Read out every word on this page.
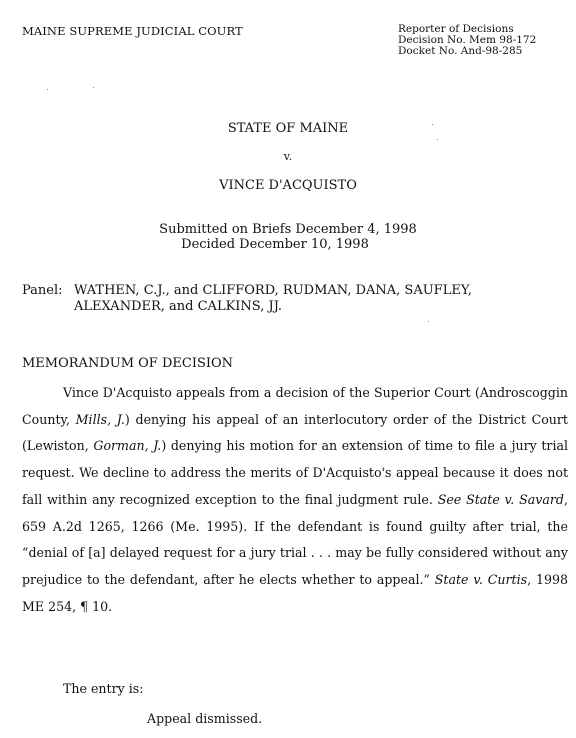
MAINE SUPREME JUDICIAL COURT	Reporter of Decisions
Decision No. Mem 98-172
Docket No. And-98-285
STATE OF MAINE
v.
VINCE D'ACQUISTO
Submitted on Briefs December 4, 1998
Decided December 10, 1998
Panel: WATHEN, C.J., and CLIFFORD, RUDMAN, DANA, SAUFLEY,
ALEXANDER, and CALKINS, JJ.
MEMORANDUM OF DECISION

Vince D'Acquisto appeals from a decision of the Superior Court (Androscoggin County, Mills, J.) denying his appeal of an interlocutory order of the District Court (Lewiston, Gorman, J.) denying his motion for an extension of time to file a jury trial request. We decline to address the merits of D'Acquisto's appeal because it does not fall within any recognized exception to the final judgment rule. See State v. Savard, 659 A.2d 1265, 1266 (Me. 1995). If the defendant is found guilty after trial, the “denial of [a] delayed request for a jury trial . . . may be fully considered without any prejudice to the defendant, after he elects whether to appeal.” State v. Curtis, 1998 ME 254, ¶ 10.

The entry is:
Appeal dismissed.
